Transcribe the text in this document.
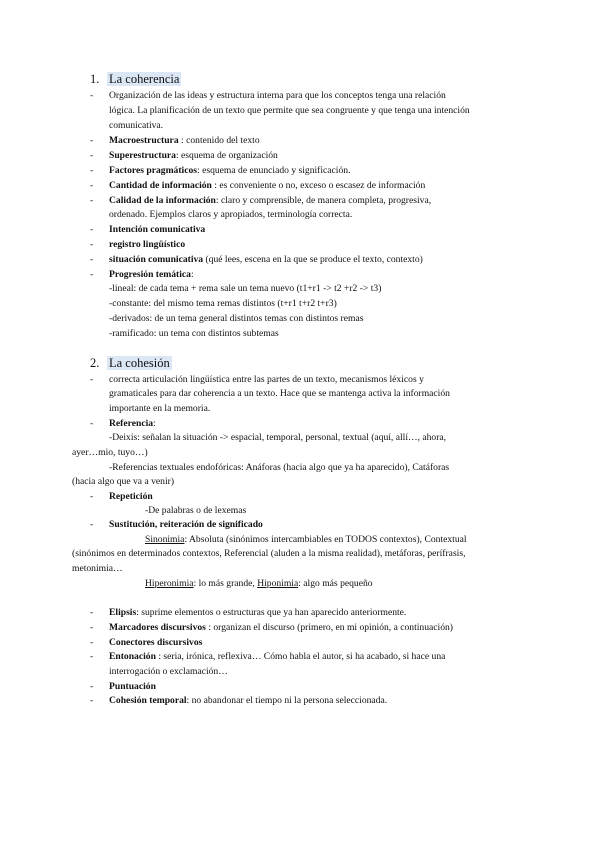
1. La coherencia
- Organización de las ideas y estructura interna para que los conceptos tenga una relación
lógica. La planificación de un texto que permite que sea congruente y que tenga una intención
comunicativa.
- Macroestructura : contenido del texto
- Superestructura: esquema de organización
- Factores pragmáticos: esquema de enunciado y significación.
- Cantidad de información : es conveniente o no, exceso o escasez de información
- Calidad de la información: claro y comprensible, de manera completa, progresiva,
ordenado. Ejemplos claros y apropiados, terminología correcta.
- Intención comunicativa
- registro lingüístico
- situación comunicativa (qué lees, escena en la que se produce el texto, contexto)
- Progresión temática:
-lineal: de cada tema + rema sale un tema nuevo (t1+r1 -> t2 +r2 -> t3)
-constante: del mismo tema remas distintos (t+r1 t+r2 t+r3)
-derivados: de un tema general distintos temas con distintos remas
-ramificado: un tema con distintos subtemas
2. La cohesión
- correcta articulación lingüística entre las partes de un texto, mecanismos léxicos y
gramaticales para dar coherencia a un texto. Hace que se mantenga activa la información
importante en la memoria.
- Referencia:
-Deixis: señalan la situación -> espacial, temporal, personal, textual (aquí, allí…, ahora,
ayer…mio, tuyo…)
-Referencias textuales endofóricas: Anáforas (hacia algo que ya ha aparecido), Catáforas
(hacia algo que va a venir)
- Repetición
-De palabras o de lexemas
- Sustitución, reiteración de significado
Sinonimia: Absoluta (sinónimos intercambiables en TODOS contextos), Contextual
(sinónimos en determinados contextos, Referencial (aluden a la misma realidad), metáforas, perífrasis,
metonimia…
Hiperonimia: lo más grande, Hiponimia: algo más pequeño
- Elipsis: suprime elementos o estructuras que ya han aparecido anteriormente.
- Marcadores discursivos : organizan el discurso (primero, en mi opinión, a continuación)
- Conectores discursivos
- Entonación : seria, irónica, reflexiva… Cómo habla el autor, si ha acabado, si hace una
interrogación o exclamación…
- Puntuación
- Cohesión temporal: no abandonar el tiempo ni la persona seleccionada.
